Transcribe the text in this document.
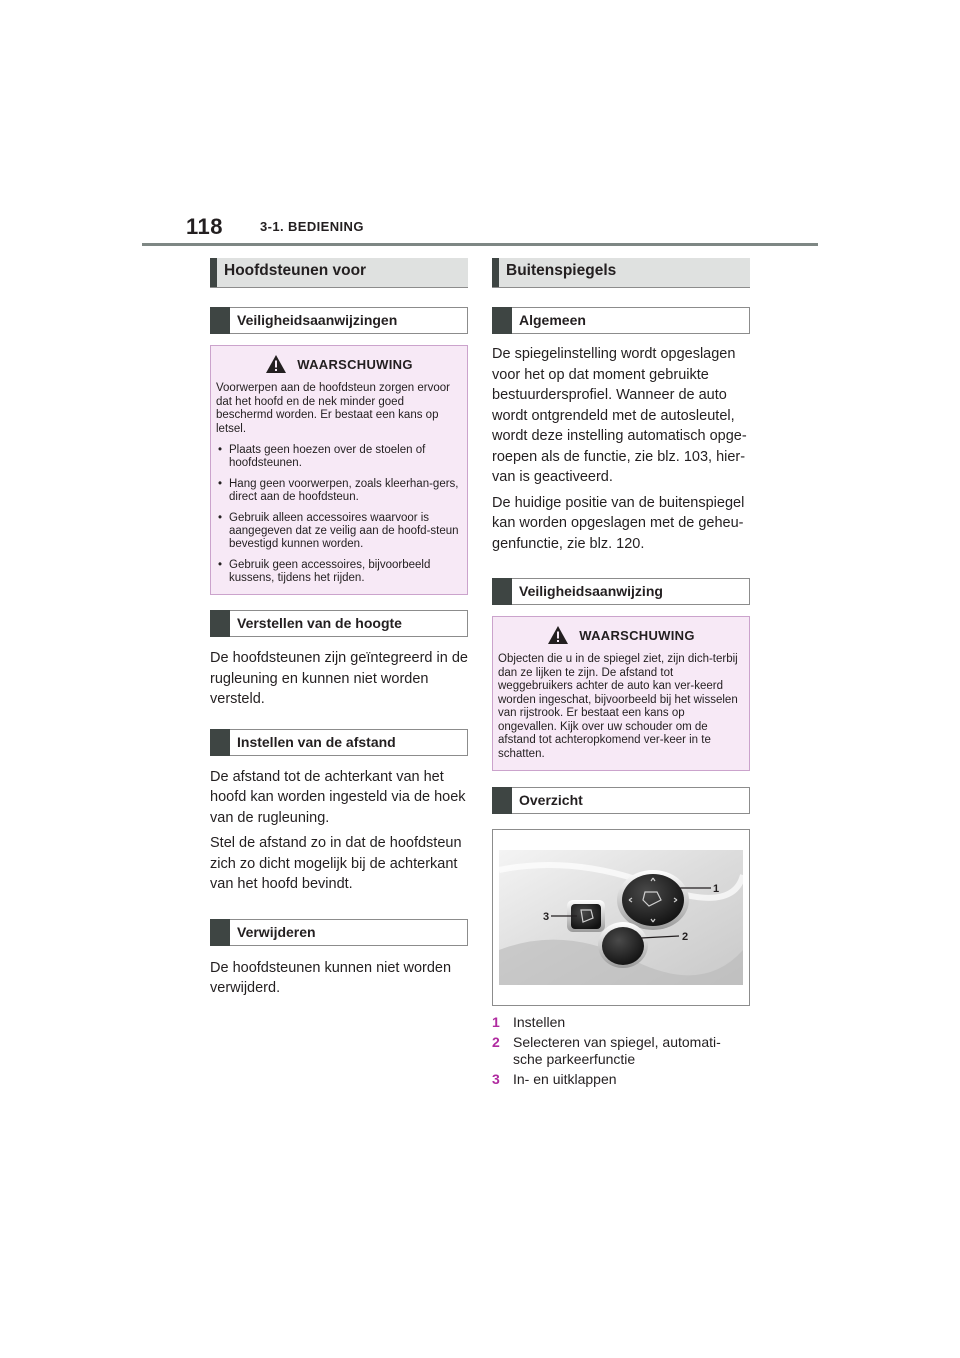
118	3-1. BEDIENING
Hoofdsteunen voor
Veiligheidsaanwijzingen
WAARSCHUWING

Voorwerpen aan de hoofdsteun zorgen ervoor dat het hoofd en de nek minder goed beschermd worden. Er bestaat een kans op letsel.

• Plaats geen hoezen over de stoelen of hoofdsteunen.
• Hang geen voorwerpen, zoals kleerhan-gers, direct aan de hoofdsteun.
• Gebruik alleen accessoires waarvoor is aangegeven dat ze veilig aan de hoofd-steun bevestigd kunnen worden.
• Gebruik geen accessoires, bijvoorbeeld kussens, tijdens het rijden.
Verstellen van de hoogte

De hoofdsteunen zijn geïntegreerd in de rugleuning en kunnen niet worden versteld.

Instellen van de afstand

De afstand tot de achterkant van het hoofd kan worden ingesteld via de hoek van de rugleuning.

Stel de afstand zo in dat de hoofdsteun zich zo dicht mogelijk bij de achterkant van het hoofd bevindt.

Verwijderen

De hoofdsteunen kunnen niet worden verwijderd.

Buitenspiegels
Algemeen

De spiegelinstelling wordt opgeslagen voor het op dat moment gebruikte bestuurdersprofiel. Wanneer de auto wordt ontgrendeld met de autosleutel, wordt deze instelling automatisch opge-roepen als de functie, zie blz. 103, hier-van is geactiveerd.

De huidige positie van de buitenspiegel kan worden opgeslagen met de geheu-genfunctie, zie blz. 120.

Veiligheidsaanwijzing
WAARSCHUWING

Objecten die u in de spiegel ziet, zijn dich-terbij dan ze lijken te zijn. De afstand tot weggebruikers achter de auto kan ver-keerd worden ingeschat, bijvoorbeeld bij het wisselen van rijstrook. Er bestaat een kans op ongevallen. Kijk over uw schouder om de afstand tot achteropkomend ver-keer in te schatten.

Overzicht
1
2
3
1 Instellen
2 Selecteren van spiegel, automati-sche parkeerfunctie
3 In- en uitklappen
